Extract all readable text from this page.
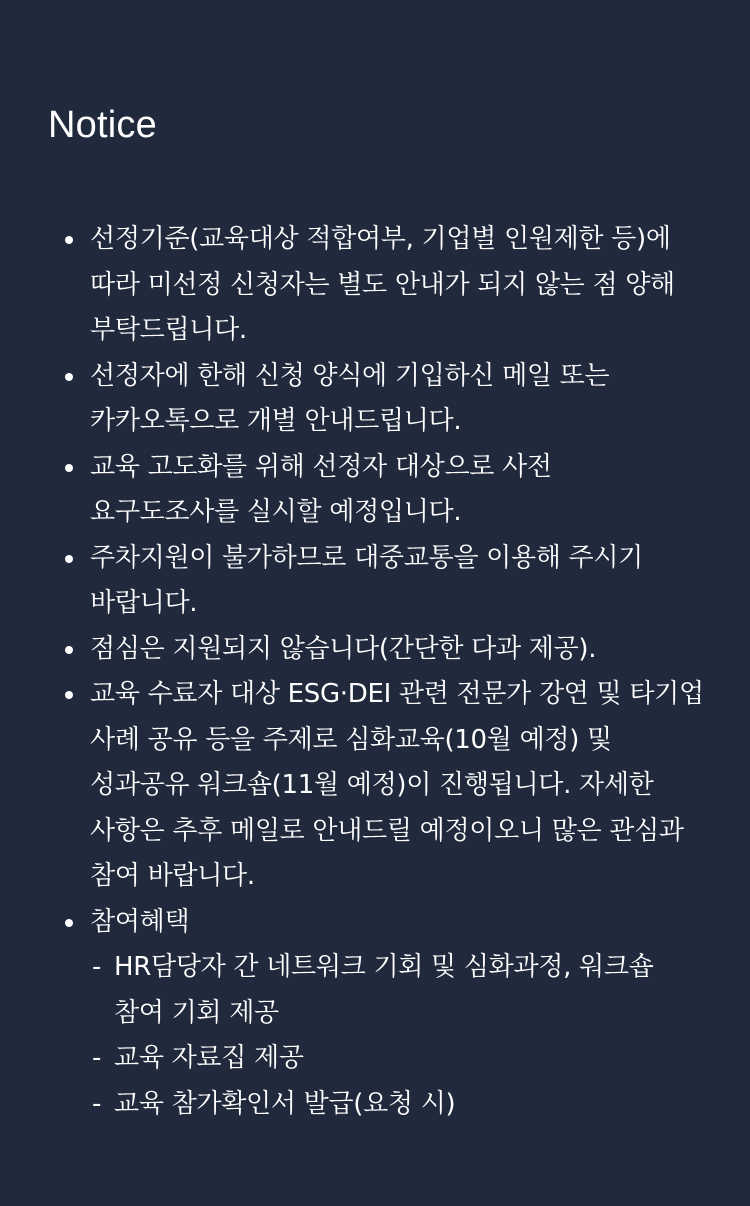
Notice
선정기준(교육대상 적합여부, 기업별 인원제한 등)에 따라 미선정 신청자는 별도 안내가 되지 않는 점 양해 부탁드립니다.
선정자에 한해 신청 양식에 기입하신 메일 또는 카카오톡으로 개별 안내드립니다.
교육 고도화를 위해 선정자 대상으로 사전 요구도조사를 실시할 예정입니다.
주차지원이 불가하므로 대중교통을 이용해 주시기 바랍니다.
점심은 지원되지 않습니다(간단한 다과 제공).
교육 수료자 대상 ESG·DEI 관련 전문가 강연 및 타기업 사례 공유 등을 주제로 심화교육(10월 예정) 및 성과공유 워크숍(11월 예정)이 진행됩니다. 자세한 사항은 추후 메일로 안내드릴 예정이오니 많은 관심과 참여 바랍니다.
참여혜택
- HR담당자 간 네트워크 기회 및 심화과정, 워크숍 참여 기회 제공
- 교육 자료집 제공
- 교육 참가확인서 발급(요청 시)
